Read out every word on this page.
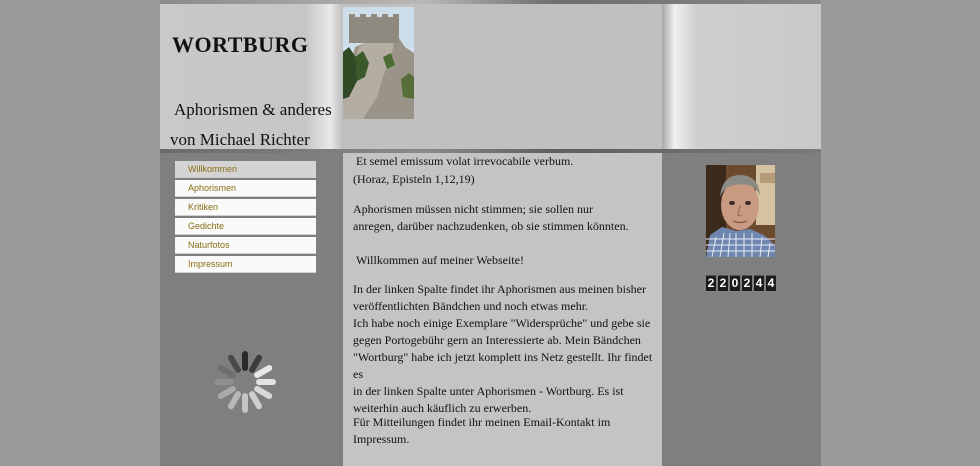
WORTBURG
Aphorismen & anderes
von Michael Richter
Willkommen
Aphorismen
Kritiken
Gedichte
Naturfotos
Impressum

Et semel emissum volat irrevocabile verbum.

(Horaz, Episteln 1,12,19)

Aphorismen müssen nicht stimmen; sie sollen nur

anregen, darüber nachzudenken, ob sie stimmen könnten.

Willkommen auf meiner Webseite!

In der linken Spalte findet ihr Aphorismen aus meinen bisher

veröffentlichten Bändchen und noch etwas mehr.

Ich habe noch einige Exemplare "Widersprüche" und gebe sie

gegen Portogebühr gern an Interessierte ab. Mein Bändchen

"Wortburg" habe ich jetzt komplett ins Netz gestellt. Ihr findet es

in der linken Spalte unter Aphorismen - Wortburg. Es ist

weiterhin auch käuflich zu erwerben.

Für Mitteilungen findet ihr meinen Email-Kontakt im

Impressum.

2 2 0 2 4 4
